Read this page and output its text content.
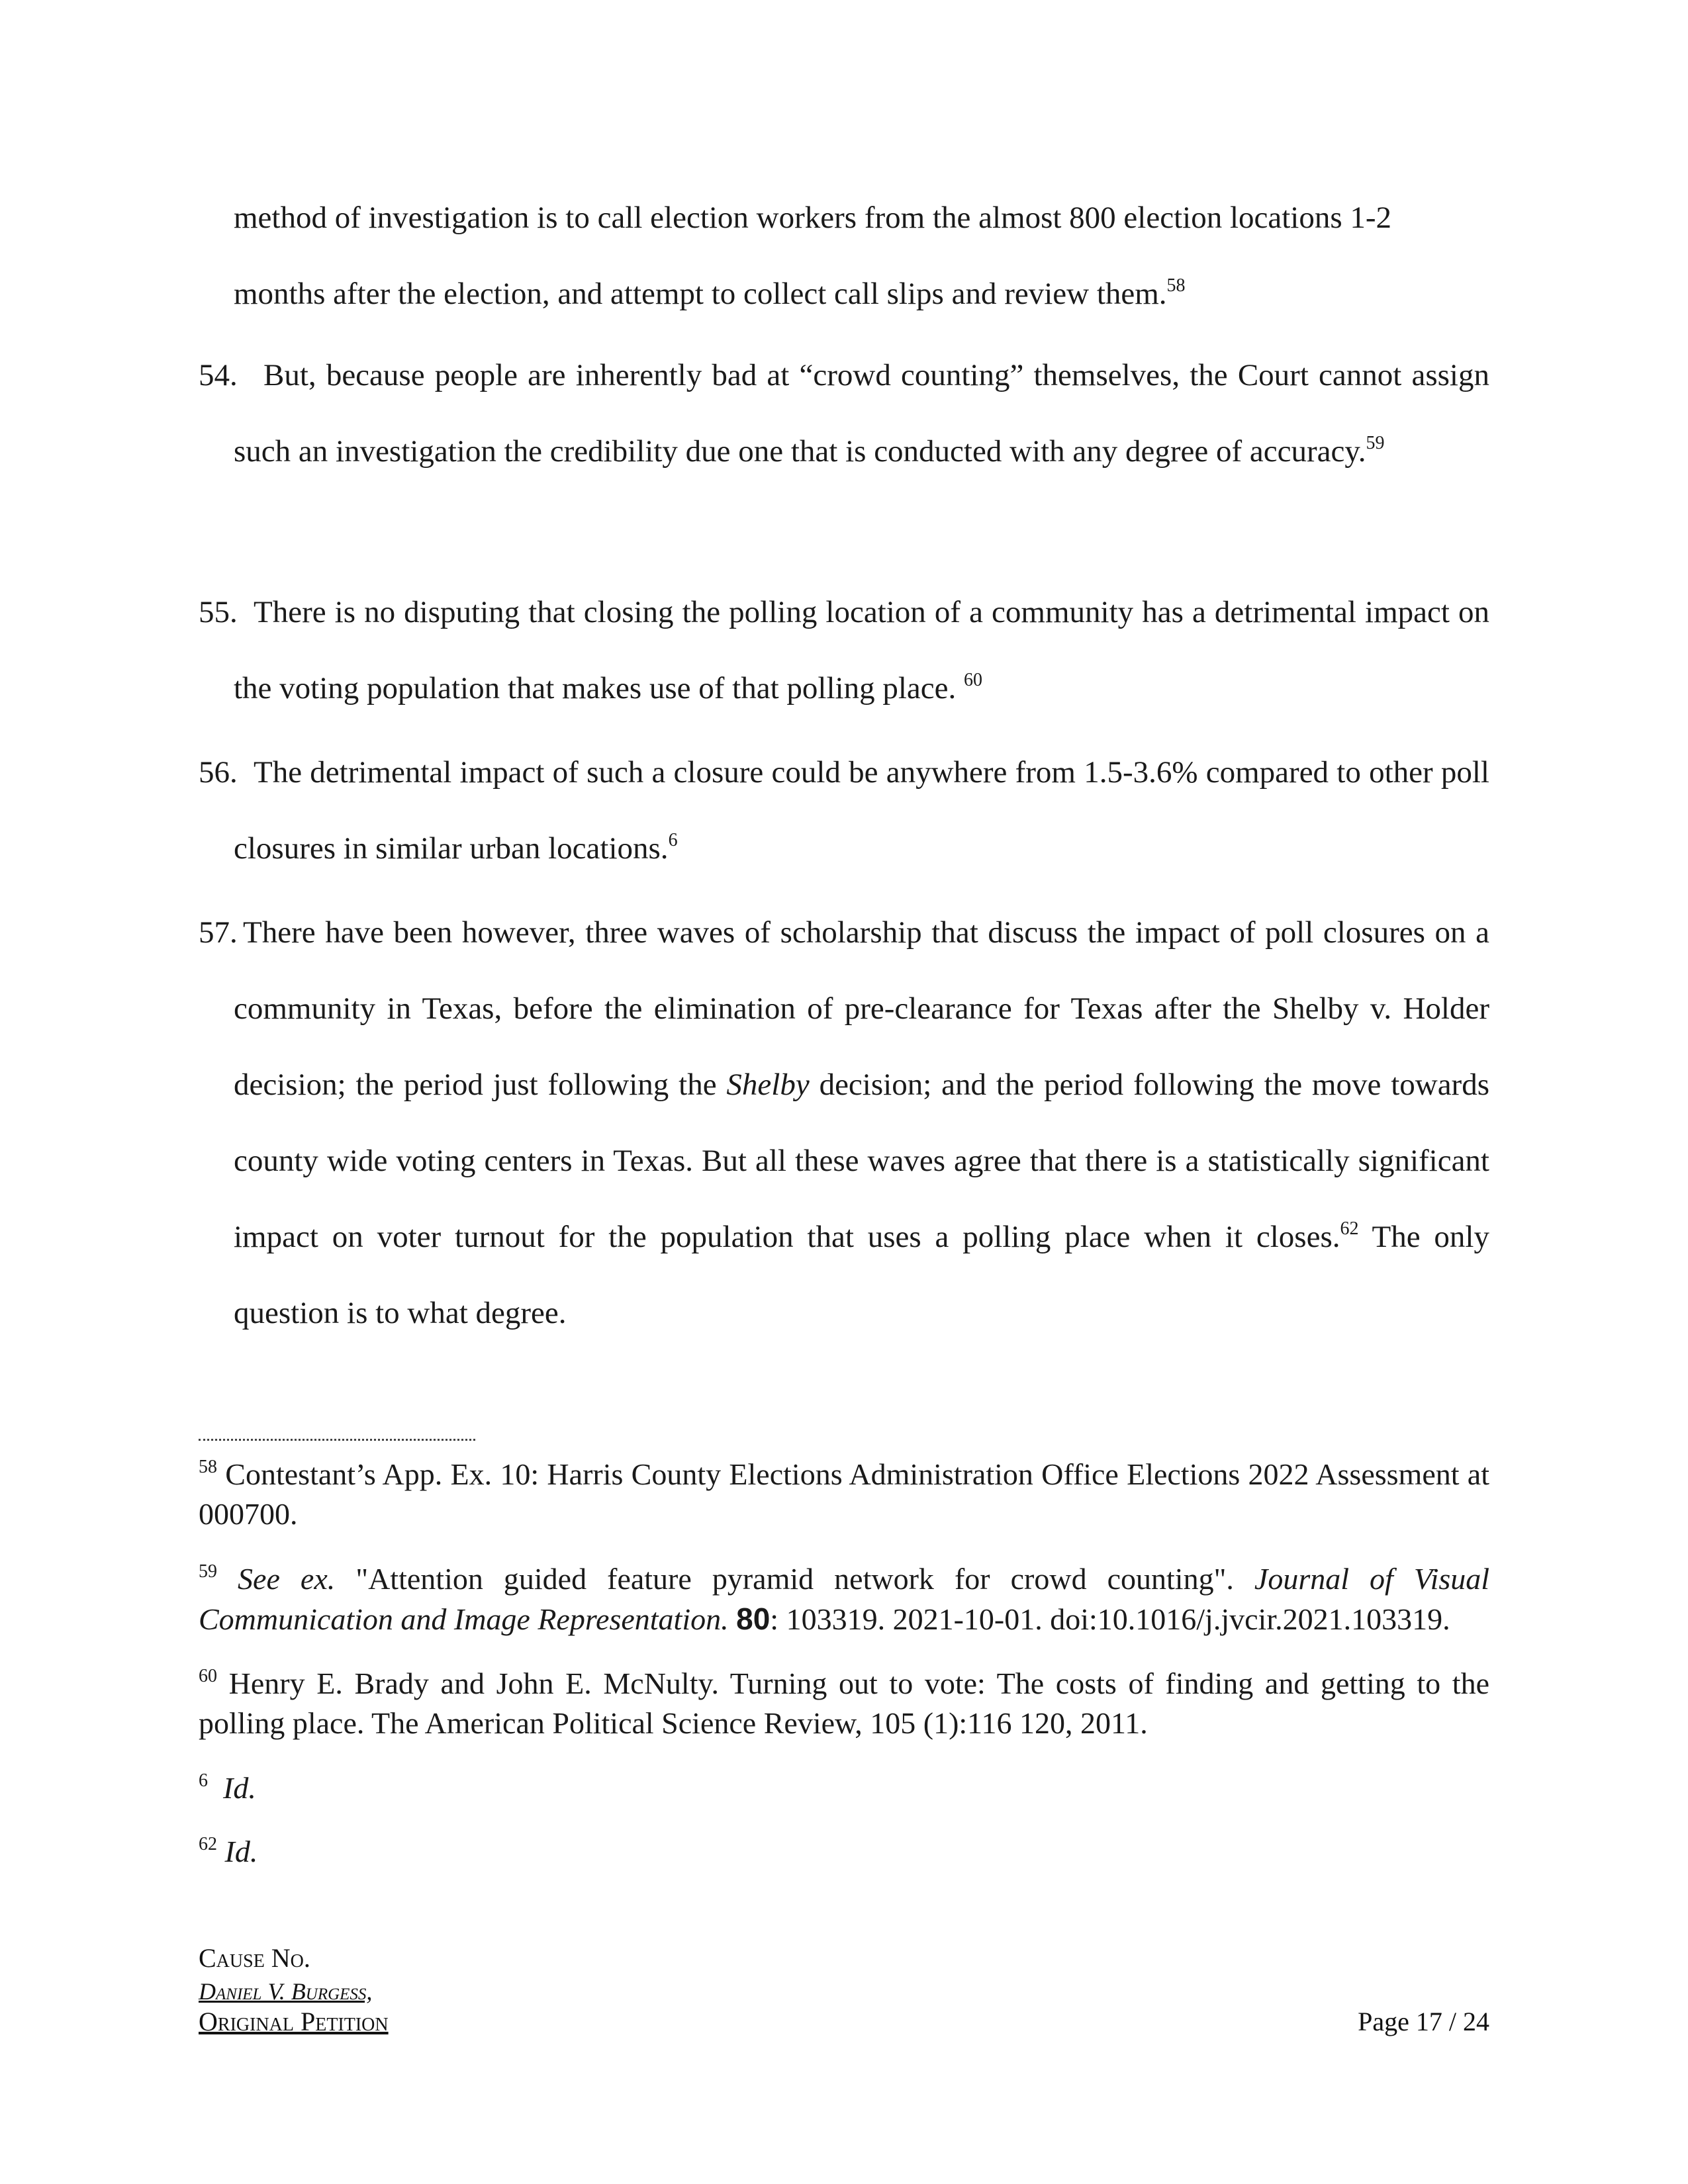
method of investigation is to call election workers from the almost 800 election locations 1-2
months after the election, and attempt to collect call slips and review them.$^{58}$
54. But, because people are inherently bad at “crowd counting” themselves, the Court cannot assign such an investigation the credibility due one that is conducted with any degree of accuracy.$^{59}$
55. There is no disputing that closing the polling location of a community has a detrimental impact on the voting population that makes use of that polling place. $^{60}$
56. The detrimental impact of such a closure could be anywhere from 1.5-3.6% compared to other poll closures in similar urban locations.$^6$
57. There have been however, three waves of scholarship that discuss the impact of poll closures on a community in Texas, before the elimination of pre-clearance for Texas after the Shelby v. Holder decision; the period just following the Shelby decision; and the period following the move towards county wide voting centers in Texas. But all these waves agree that there is a statistically significant impact on voter turnout for the population that uses a polling place when it closes.$^{62}$ The only question is to what degree.
$^{58}$ Contestant’s App. Ex. 10: Harris County Elections Administration Office Elections 2022 Assessment at 000700.
$^{59}$ See ex. "Attention guided feature pyramid network for crowd counting". Journal of Visual Communication and Image Representation. 80: 103319. 2021-10-01. doi:10.1016/j.jvcir.2021.103319.
$^{60}$ Henry E. Brady and John E. McNulty. Turning out to vote: The costs of finding and getting to the polling place. The American Political Science Review, 105 (1):116 120, 2011.
$^6$ Id.
$^{62}$ Id.
Cause No.
Daniel V. Burgess,
Original Petition	Page 17 / 24
